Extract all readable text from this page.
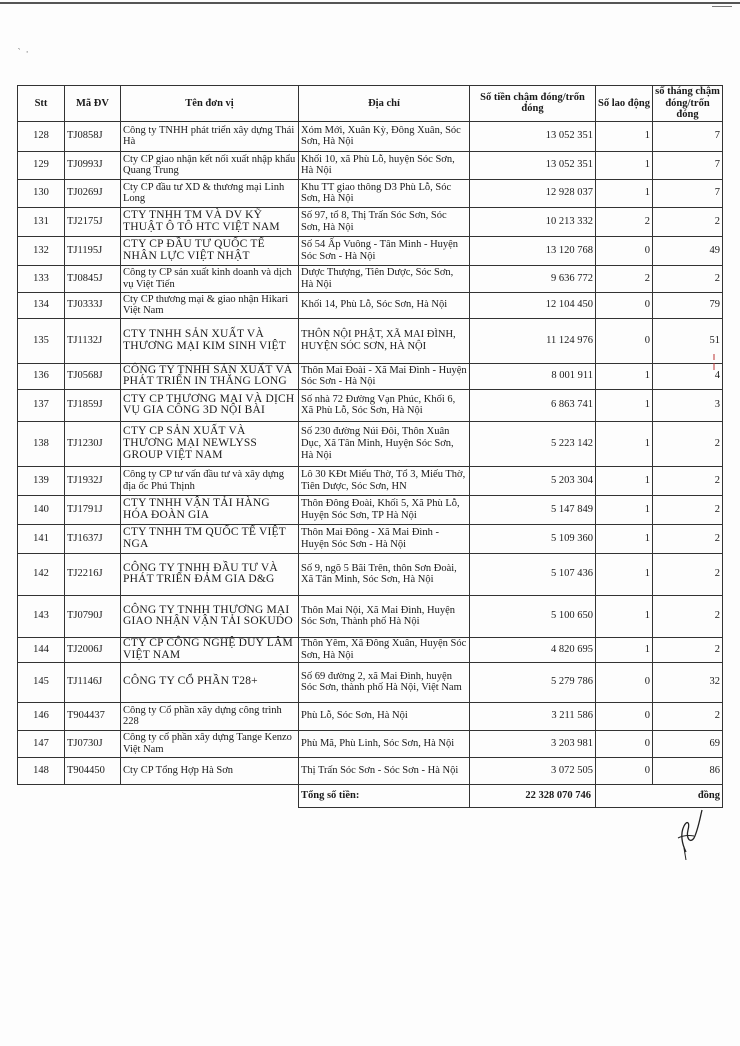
‵  ·
Stt	Mã ĐV	Tên đơn vị	Địa chỉ	Số tiền chậm đóng/trốn đóng	Số lao động	số tháng chậm đóng/trốn đóng
128	TJ0858J	Công ty TNHH phát triển xây dựng Thái Hà	Xóm Mới, Xuân Kỳ, Đông Xuân, Sóc Sơn, Hà Nội	13 052 351	1	7
129	TJ0993J	Cty CP giao nhận kết nối xuất nhập khẩu Quang Trung	Khối 10, xã Phù Lỗ, huyện Sóc Sơn, Hà Nội	13 052 351	1	7
130	TJ0269J	Cty CP đầu tư XD & thương mại Linh Long	Khu TT giao thông D3 Phù Lỗ, Sóc Sơn, Hà Nội	12 928 037	1	7
131	TJ2175J	CTY TNHH TM VÀ DV KỸ THUẬT Ô TÔ HTC VIỆT NAM	Số 97, tổ 8, Thị Trấn Sóc Sơn, Sóc Sơn, Hà Nội	10 213 332	2	2
132	TJ1195J	CTY CP ĐẦU TƯ QUỐC TẾ NHÂN LỰC VIỆT NHẬT	Số 54 Ấp Vuông - Tân Minh - Huyện Sóc Sơn - Hà Nội	13 120 768	0	49
133	TJ0845J	Công ty CP sản xuất kinh doanh và dịch vụ Việt Tiến	Dược Thượng, Tiên Dược, Sóc Sơn, Hà Nội	9 636 772	2	2
134	TJ0333J	Cty CP thương mại & giao nhận Hikari Việt Nam	Khối 14, Phù Lỗ, Sóc Sơn, Hà Nội	12 104 450	0	79
135	TJ1132J	CTY TNHH SẢN XUẤT VÀ THƯƠNG MẠI KIM SINH VIỆT	THÔN NỘI PHẬT, XÃ MAI ĐÌNH, HUYỆN SÓC SƠN, HÀ NỘI	11 124 976	0	51
136	TJ0568J	CÔNG TY TNHH SẢN XUẤT VÀ PHÁT TRIỂN IN THĂNG LONG	Thôn Mai Đoài - Xã Mai Đình - Huyện Sóc Sơn - Hà Nội	8 001 911	1	4
137	TJ1859J	CTY CP THƯƠNG MẠI VÀ DỊCH VỤ GIA CÔNG 3D NỘI BÀI	Số nhà 72 Đường Vạn Phúc, Khối 6, Xã Phù Lỗ, Sóc Sơn, Hà Nội	6 863 741	1	3
138	TJ1230J	CTY CP SẢN XUẤT VÀ THƯƠNG MẠI NEWLYSS GROUP VIỆT NAM	Số 230 đường Núi Đôi, Thôn Xuân Dục, Xã Tân Minh, Huyện Sóc Sơn, Hà Nội	5 223 142	1	2
139	TJ1932J	Công ty CP tư vấn đầu tư và xây dựng địa ốc Phú Thịnh	Lô 30 KĐt Miếu Thờ, Tổ 3, Miếu Thờ, Tiên Dược, Sóc Sơn, HN	5 203 304	1	2
140	TJ1791J	CTY TNHH VẬN TẢI HÀNG HÓA ĐOÀN GIA	Thôn Đông Đoài, Khối 5, Xã Phù Lỗ, Huyện Sóc Sơn, TP Hà Nội	5 147 849	1	2
141	TJ1637J	CTY TNHH TM QUỐC TẾ VIỆT NGA	Thôn Mai Đông - Xã Mai Đình - Huyện Sóc Sơn - Hà Nội	5 109 360	1	2
142	TJ2216J	CÔNG TY TNHH ĐẦU TƯ VÀ PHÁT TRIỂN ĐẢM GIA D&G	Số 9, ngõ 5 Bãi Trên, thôn Sơn Đoài, Xã Tân Minh, Sóc Sơn, Hà Nội	5 107 436	1	2
143	TJ0790J	CÔNG TY TNHH THƯƠNG MẠI GIAO NHẬN VẬN TẢI SOKUDO	Thôn Mai Nội, Xã Mai Đình, Huyện Sóc Sơn, Thành phố Hà Nội	5 100 650	1	2
144	TJ2006J	CTY CP CÔNG NGHỆ DUY LÂM VIỆT NAM	Thôn Yêm, Xã Đông Xuân, Huyện Sóc Sơn, Hà Nội	4 820 695	1	2
145	TJ1146J	CÔNG TY CỔ PHẦN T28+	Số 69 đường 2, xã Mai Đình, huyện Sóc Sơn, thành phố Hà Nội, Việt Nam	5 279 786	0	32
146	T904437	Công ty Cổ phần xây dựng công trình 228	Phù Lỗ, Sóc Sơn, Hà Nội	3 211 586	0	2
147	TJ0730J	Công ty cổ phần xây dựng Tange Kenzo Việt Nam	Phù Mã, Phù Linh, Sóc Sơn, Hà Nội	3 203 981	0	69
148	T904450	Cty CP Tổng Hợp Hà Sơn	Thị Trấn Sóc Sơn - Sóc Sơn - Hà Nội	3 072 505	0	86
			Tổng số tiền:	22 328 070 746		đồng
